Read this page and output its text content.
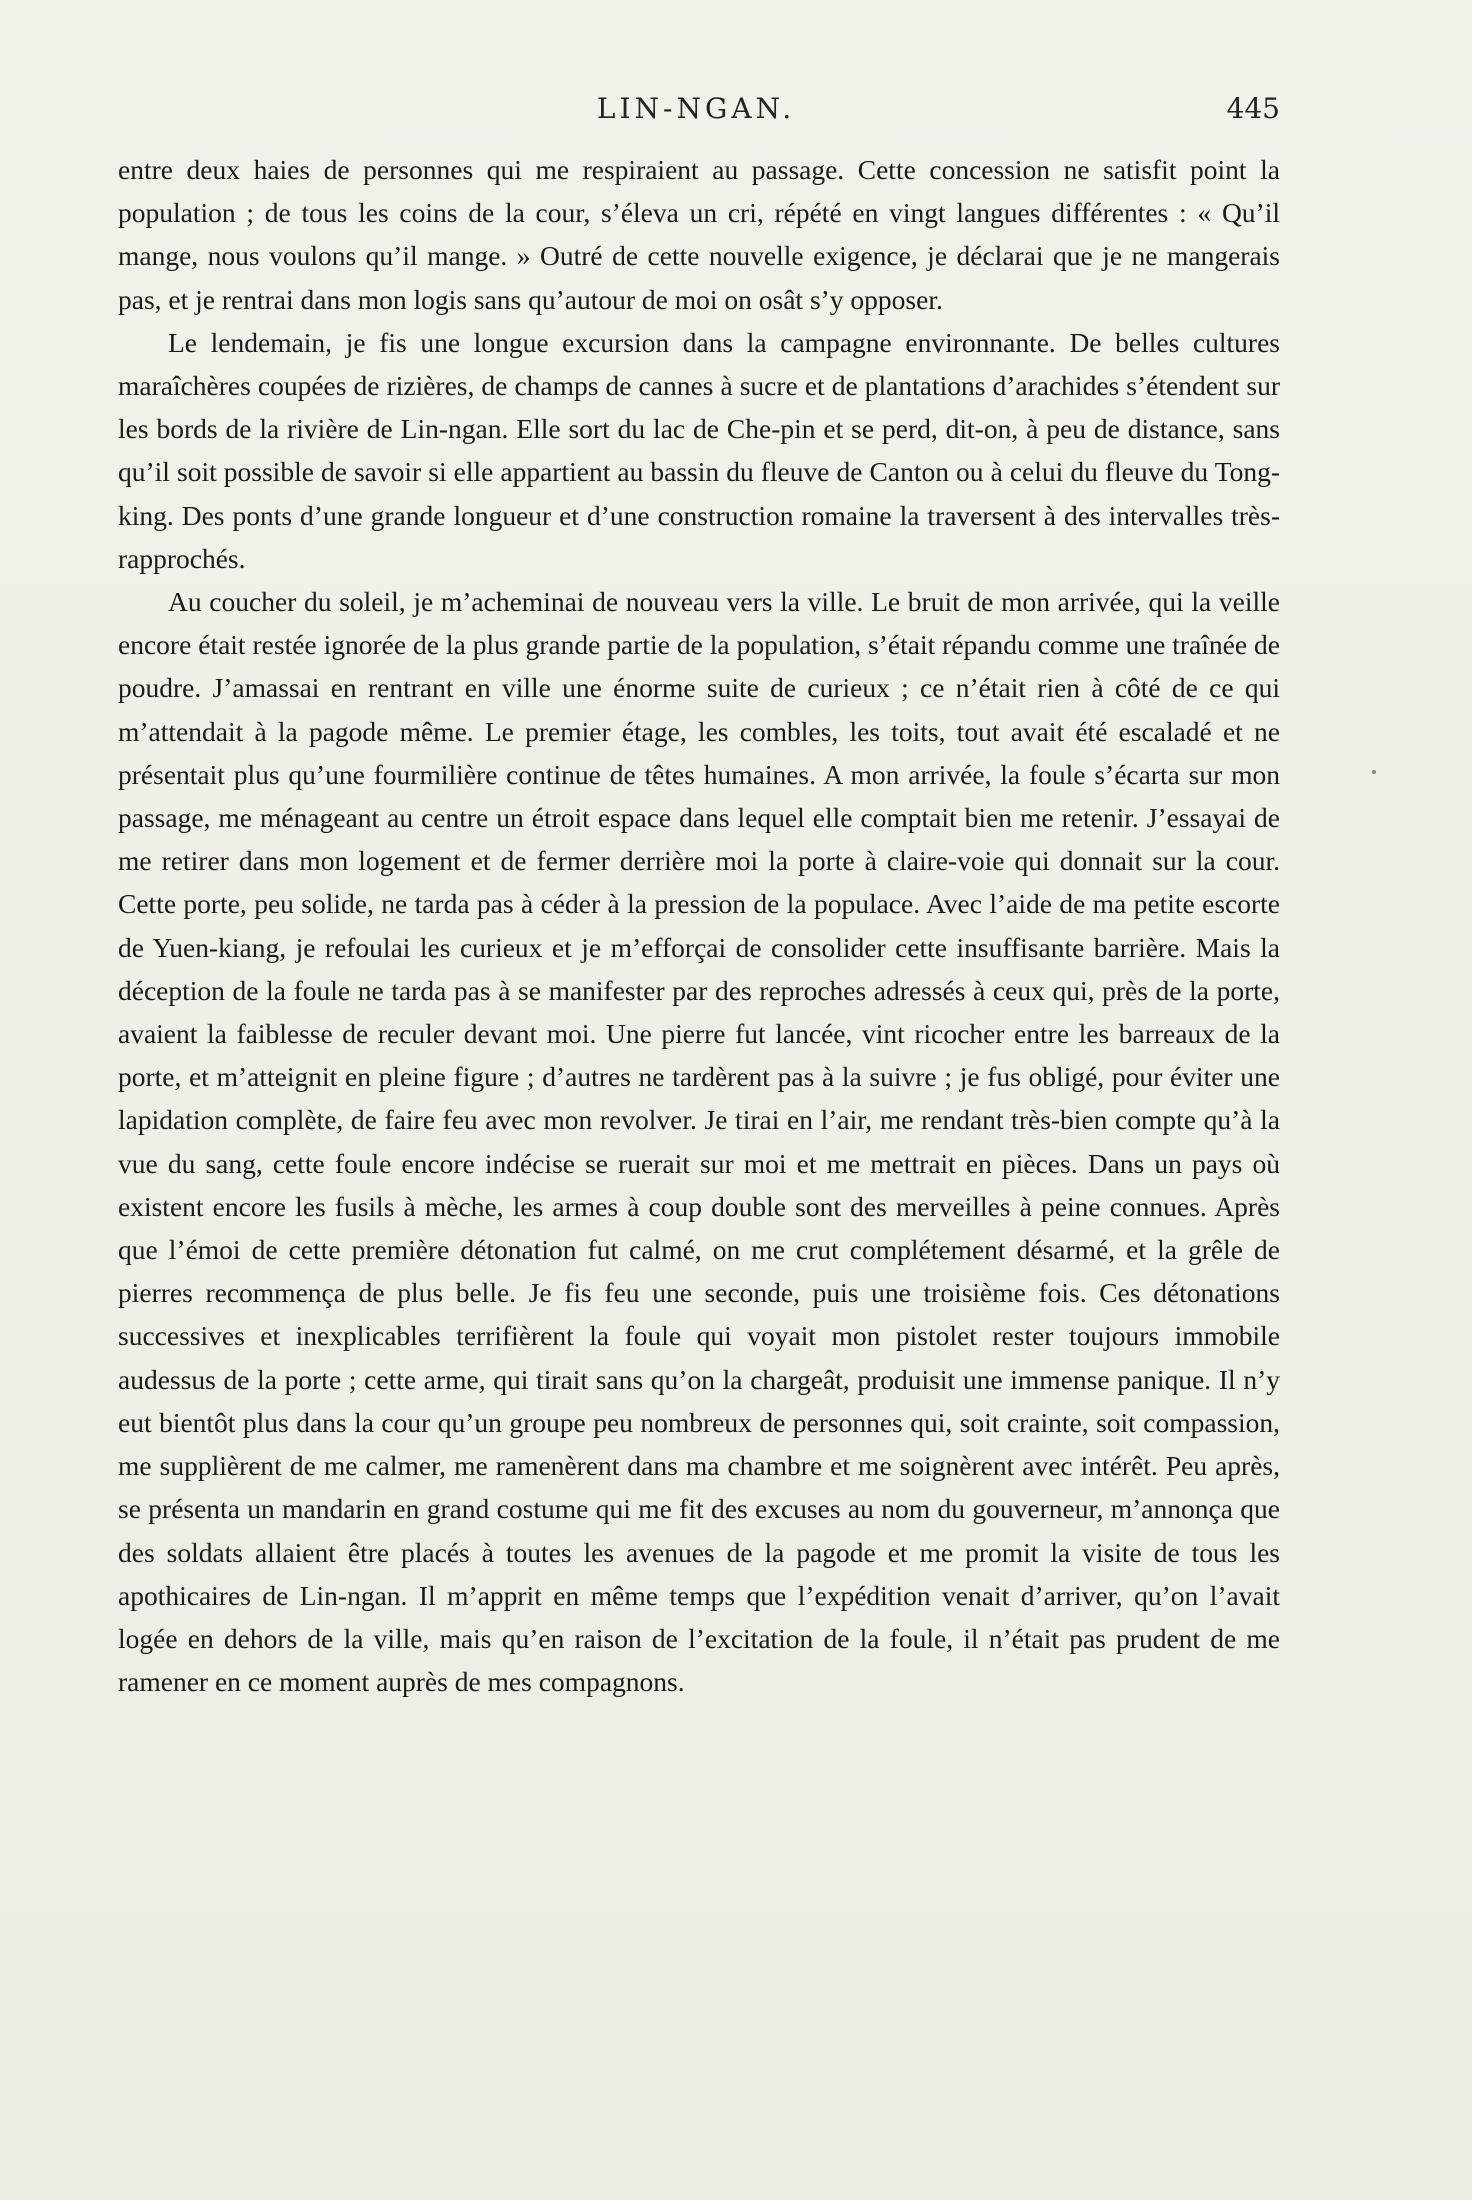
LIN-NGAN.	445

entre deux haies de personnes qui me respiraient au passage. Cette concession ne satisfit point la population ; de tous les coins de la cour, s’éleva un cri, répété en vingt langues différentes : « Qu’il mange, nous voulons qu’il mange. » Outré de cette nouvelle exigence, je déclarai que je ne mangerais pas, et je rentrai dans mon logis sans qu’autour de moi on osât s’y opposer.

Le lendemain, je fis une longue excursion dans la campagne environnante. De belles cultures maraîchères coupées de rizières, de champs de cannes à sucre et de plantations d’arachides s’étendent sur les bords de la rivière de Lin-ngan. Elle sort du lac de Che-pin et se perd, dit-on, à peu de distance, sans qu’il soit possible de savoir si elle appartient au bassin du fleuve de Canton ou à celui du fleuve du Tong-king. Des ponts d’une grande longueur et d’une construction romaine la traversent à des intervalles très-rapprochés.

Au coucher du soleil, je m’acheminai de nouveau vers la ville. Le bruit de mon arrivée, qui la veille encore était restée ignorée de la plus grande partie de la population, s’était répandu comme une traînée de poudre. J’amassai en rentrant en ville une énorme suite de curieux ; ce n’était rien à côté de ce qui m’attendait à la pagode même. Le premier étage, les combles, les toits, tout avait été escaladé et ne présentait plus qu’une fourmilière continue de têtes humaines. A mon arrivée, la foule s’écarta sur mon passage, me ménageant au centre un étroit espace dans lequel elle comptait bien me retenir. J’essayai de me retirer dans mon logement et de fermer derrière moi la porte à claire-voie qui donnait sur la cour. Cette porte, peu solide, ne tarda pas à céder à la pression de la populace. Avec l’aide de ma petite escorte de Yuen-kiang, je refoulai les curieux et je m’efforçai de consolider cette insuffisante barrière. Mais la déception de la foule ne tarda pas à se manifester par des reproches adressés à ceux qui, près de la porte, avaient la faiblesse de reculer devant moi. Une pierre fut lancée, vint ricocher entre les barreaux de la porte, et m’atteignit en pleine figure ; d’autres ne tardèrent pas à la suivre ; je fus obligé, pour éviter une lapidation complète, de faire feu avec mon revolver. Je tirai en l’air, me rendant très-bien compte qu’à la vue du sang, cette foule encore indécise se ruerait sur moi et me mettrait en pièces. Dans un pays où existent encore les fusils à mèche, les armes à coup double sont des merveilles à peine connues. Après que l’émoi de cette première détonation fut calmé, on me crut complétement désarmé, et la grêle de pierres recommença de plus belle. Je fis feu une seconde, puis une troisième fois. Ces détonations successives et inexplicables terrifièrent la foule qui voyait mon pistolet rester toujours immobile audessus de la porte ; cette arme, qui tirait sans qu’on la chargeât, produisit une immense panique. Il n’y eut bientôt plus dans la cour qu’un groupe peu nombreux de personnes qui, soit crainte, soit compassion, me supplièrent de me calmer, me ramenèrent dans ma chambre et me soignèrent avec intérêt. Peu après, se présenta un mandarin en grand costume qui me fit des excuses au nom du gouverneur, m’annonça que des soldats allaient être placés à toutes les avenues de la pagode et me promit la visite de tous les apothicaires de Lin-ngan. Il m’apprit en même temps que l’expédition venait d’arriver, qu’on l’avait logée en dehors de la ville, mais qu’en raison de l’excitation de la foule, il n’était pas prudent de me ramener en ce moment auprès de mes compagnons.
